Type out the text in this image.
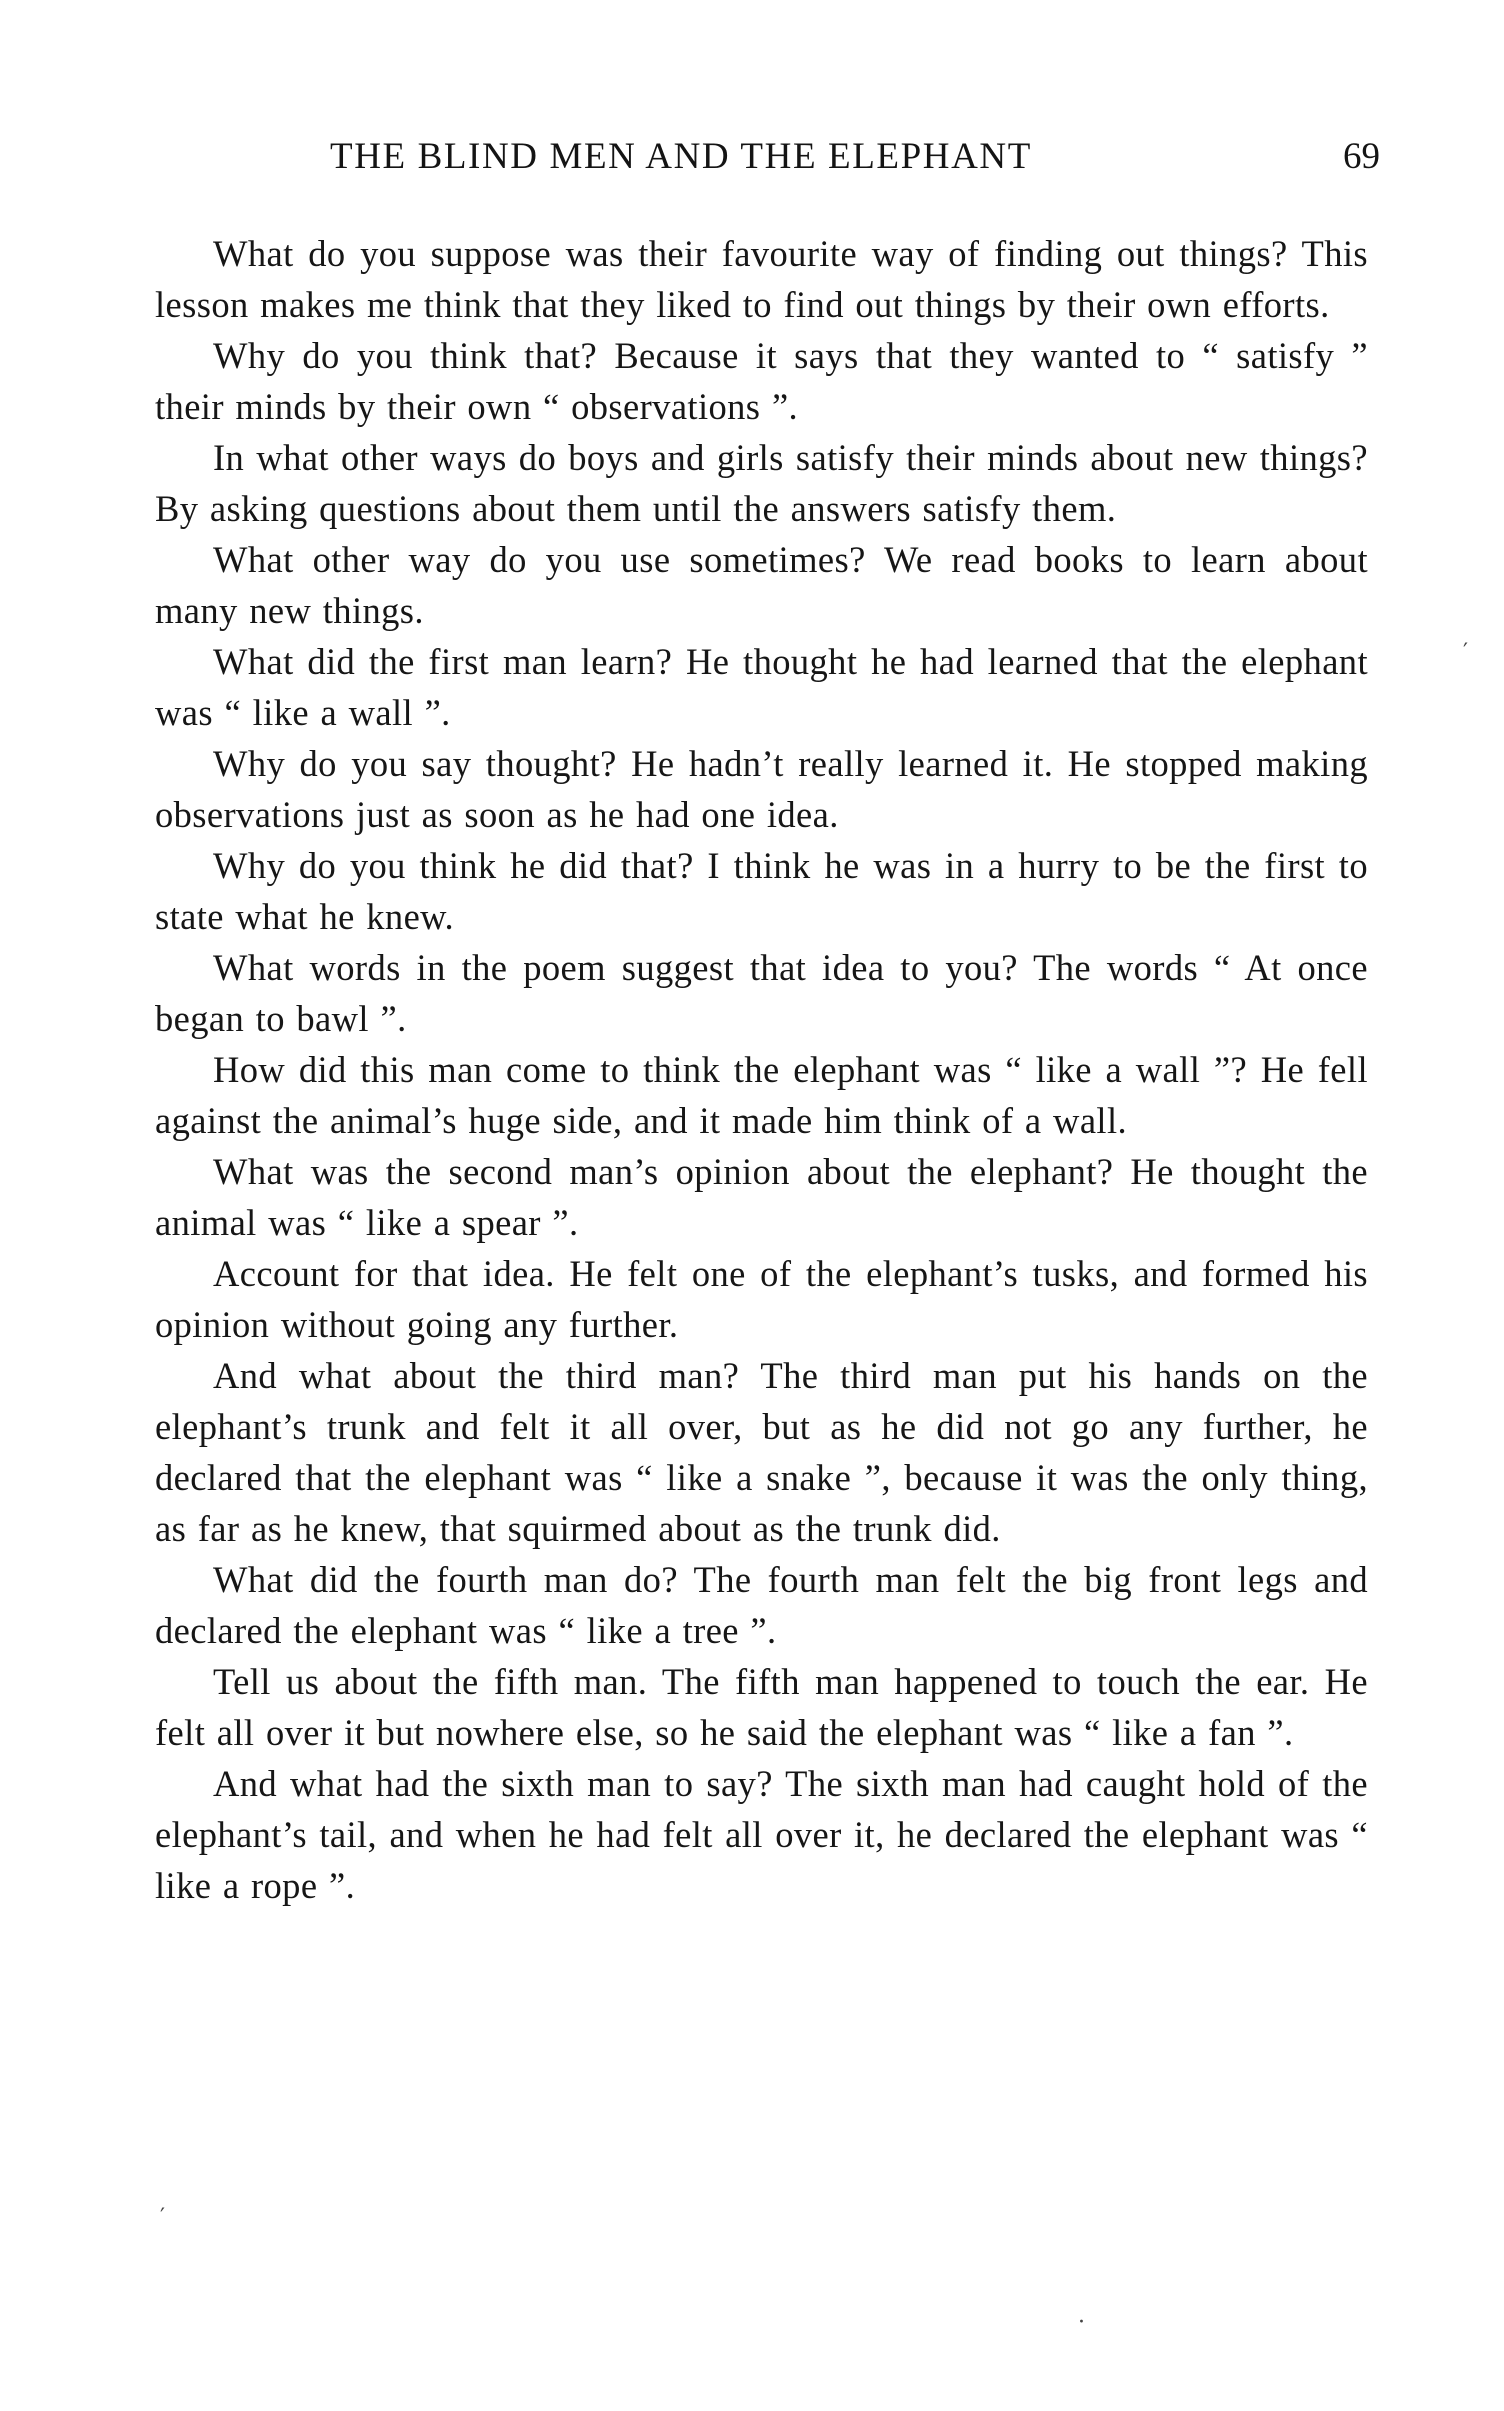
THE BLIND MEN AND THE ELEPHANT	69

What do you suppose was their favourite way of finding out things? This lesson makes me think that they liked to find out things by their own efforts.

Why do you think that? Because it says that they wanted to “ satisfy ” their minds by their own “ observations ”.

In what other ways do boys and girls satisfy their minds about new things? By asking questions about them until the answers satisfy them.

What other way do you use sometimes? We read books to learn about many new things.

What did the first man learn? He thought he had learned that the elephant was “ like a wall ”.

Why do you say thought? He hadn’t really learned it. He stopped making observations just as soon as he had one idea.

Why do you think he did that? I think he was in a hurry to be the first to state what he knew.

What words in the poem suggest that idea to you? The words “ At once began to bawl ”.

How did this man come to think the elephant was “ like a wall ”? He fell against the animal’s huge side, and it made him think of a wall.

What was the second man’s opinion about the elephant? He thought the animal was “ like a spear ”.

Account for that idea. He felt one of the elephant’s tusks, and formed his opinion without going any further.

And what about the third man? The third man put his hands on the elephant’s trunk and felt it all over, but as he did not go any further, he declared that the elephant was “ like a snake ”, because it was the only thing, as far as he knew, that squirmed about as the trunk did.

What did the fourth man do? The fourth man felt the big front legs and declared the elephant was “ like a tree ”.

Tell us about the fifth man. The fifth man happened to touch the ear. He felt all over it but nowhere else, so he said the elephant was “ like a fan ”.

And what had the sixth man to say? The sixth man had caught hold of the elephant’s tail, and when he had felt all over it, he declared the elephant was “ like a rope ”.

′
′
·
